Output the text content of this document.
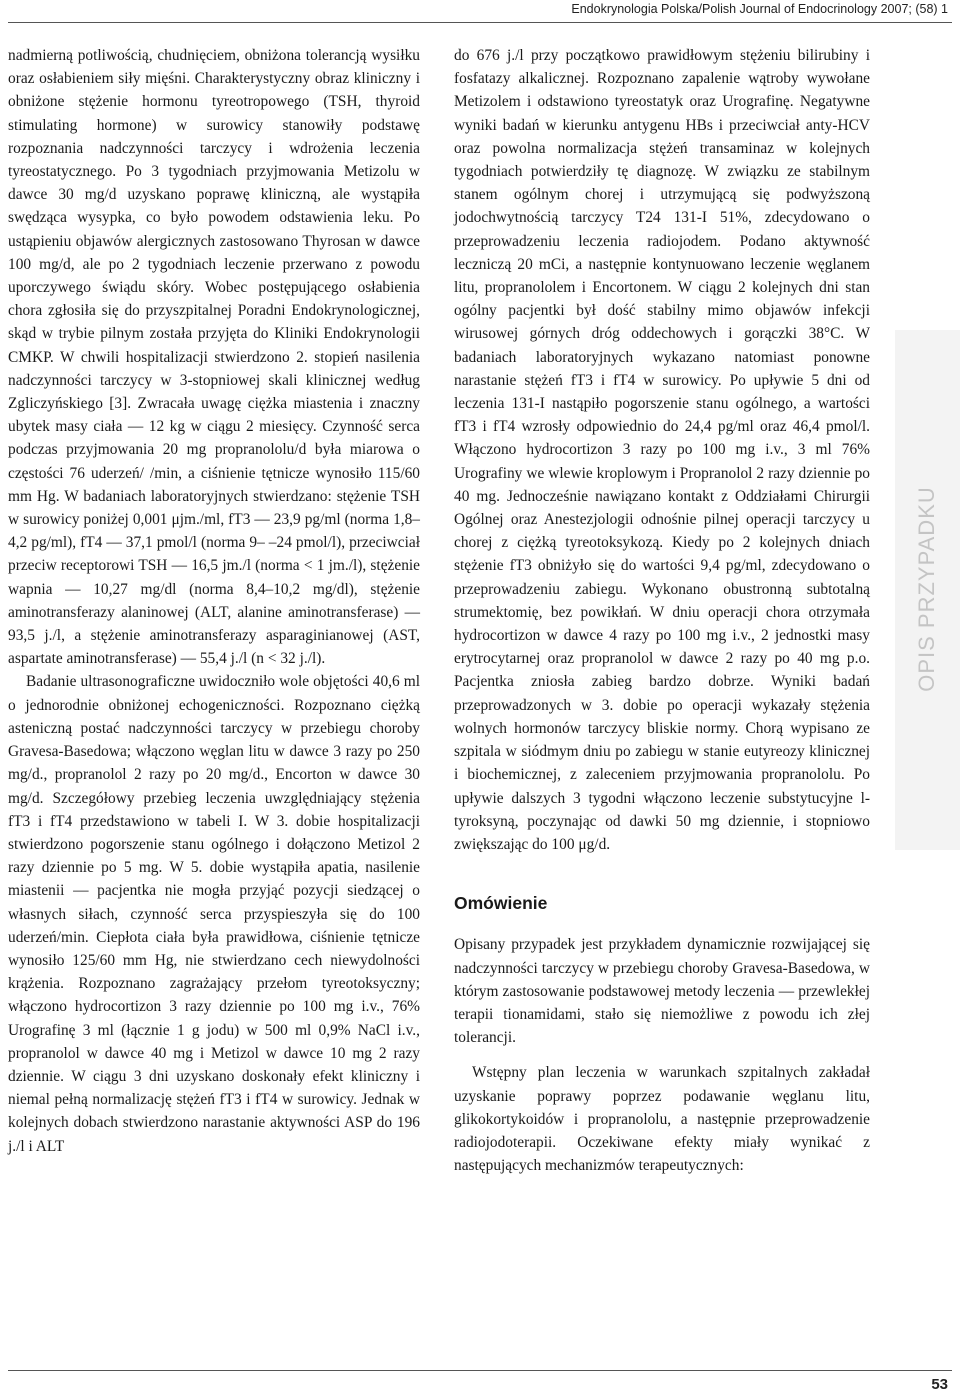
Endokrynologia Polska/Polish Journal of Endocrinology 2007; (58) 1

nadmierną potliwością, chudnięciem, obniżona tolerancją wysiłku oraz osłabieniem siły mięśni. Charakterystyczny obraz kliniczny i obniżone stężenie hormonu tyreotropowego (TSH, thyroid stimulating hormone) w surowicy stanowiły podstawę rozpoznania nadczynności tarczycy i wdrożenia leczenia tyreostatycznego. Po 3 tygodniach przyjmowania Metizolu w dawce 30 mg/d uzyskano poprawę kliniczną, ale wystąpiła swędząca wysypka, co było powodem odstawienia leku. Po ustąpieniu objawów alergicznych zastosowano Thyrosan w dawce 100 mg/d, ale po 2 tygodniach leczenie przerwano z powodu uporczywego świądu skóry. Wobec postępującego osłabienia chora zgłosiła się do przyszpitalnej Poradni Endokrynologicznej, skąd w trybie pilnym została przyjęta do Kliniki Endokrynologii CMKP. W chwili hospitalizacji stwierdzono 2. stopień nasilenia nadczynności tarczycy w 3-stopniowej skali klinicznej według Zgliczyńskiego [3]. Zwracała uwagę ciężka miastenia i znaczny ubytek masy ciała — 12 kg w ciągu 2 miesięcy. Czynność serca podczas przyjmowania 20 mg propranololu/d była miarowa o częstości 76 uderzeń/ /min, a ciśnienie tętnicze wynosiło 115/60 mm Hg. W badaniach laboratoryjnych stwierdzano: stężenie TSH w surowicy poniżej 0,001 μjm./ml, fT3 — 23,9 pg/ml (norma 1,8–4,2 pg/ml), fT4 — 37,1 pmol/l (norma 9– –24 pmol/l), przeciwciał przeciw receptorowi TSH — 16,5 jm./l (norma < 1 jm./l), stężenie wapnia — 10,27 mg/dl (norma 8,4–10,2 mg/dl), stężenie aminotransferazy alaninowej (ALT, alanine aminotransferase) — 93,5 j./l, a stężenie aminotransferazy asparaginianowej (AST, aspartate aminotransferase) — 55,4 j./l (n < 32 j./l).

Badanie ultrasonograficzne uwidoczniło wole objętości 40,6 ml o jednorodnie obniżonej echogeniczności. Rozpoznano ciężką asteniczną postać nadczynności tarczycy w przebiegu choroby Gravesa-Basedowa; włączono węglan litu w dawce 3 razy po 250 mg/d., propranolol 2 razy po 20 mg/d., Encorton w dawce 30 mg/d. Szczegółowy przebieg leczenia uwzględniający stężenia fT3 i fT4 przedstawiono w tabeli I. W 3. dobie hospitalizacji stwierdzono pogorszenie stanu ogólnego i dołączono Metizol 2 razy dziennie po 5 mg. W 5. dobie wystąpiła apatia, nasilenie miastenii — pacjentka nie mogła przyjąć pozycji siedzącej o własnych siłach, czynność serca przyspieszyła się do 100 uderzeń/min. Ciepłota ciała była prawidłowa, ciśnienie tętnicze wynosiło 125/60 mm Hg, nie stwierdzano cech niewydolności krążenia. Rozpoznano zagrażający przełom tyreotoksyczny; włączono hydrocortizon 3 razy dziennie po 100 mg i.v., 76% Urografinę 3 ml (łącznie 1 g jodu) w 500 ml 0,9% NaCl i.v., propranolol w dawce 40 mg i Metizol w dawce 10 mg 2 razy dziennie. W ciągu 3 dni uzyskano doskonały efekt kliniczny i niemal pełną normalizację stężeń fT3 i fT4 w surowicy. Jednak w kolejnych dobach stwierdzono narastanie aktywności ASP do 196 j./l i ALT

do 676 j./l przy początkowo prawidłowym stężeniu bilirubiny i fosfatazy alkalicznej. Rozpoznano zapalenie wątroby wywołane Metizolem i odstawiono tyreostatyk oraz Urografinę. Negatywne wyniki badań w kierunku antygenu HBs i przeciwciał anty-HCV oraz powolna normalizacja stężeń transaminaz w kolejnych tygodniach potwierdziły tę diagnozę. W związku ze stabilnym stanem ogólnym chorej i utrzymującą się podwyższoną jodochwytnością tarczycy T24 131-I 51%, zdecydowano o przeprowadzeniu leczenia radiojodem. Podano aktywność leczniczą 20 mCi, a następnie kontynuowano leczenie węglanem litu, propranololem i Encortonem. W ciągu 2 kolejnych dni stan ogólny pacjentki był dość stabilny mimo objawów infekcji wirusowej górnych dróg oddechowych i gorączki 38°C. W badaniach laboratoryjnych wykazano natomiast ponowne narastanie stężeń fT3 i fT4 w surowicy. Po upływie 5 dni od leczenia 131-I nastąpiło pogorszenie stanu ogólnego, a wartości fT3 i fT4 wzrosły odpowiednio do 24,4 pg/ml oraz 46,4 pmol/l. Włączono hydrocortizon 3 razy po 100 mg i.v., 3 ml 76% Urografiny we wlewie kroplowym i Propranolol 2 razy dziennie po 40 mg. Jednocześnie nawiązano kontakt z Oddziałami Chirurgii Ogólnej oraz Anestezjologii odnośnie pilnej operacji tarczycy u chorej z ciężką tyreotoksykozą. Kiedy po 2 kolejnych dniach stężenie fT3 obniżyło się do wartości 9,4 pg/ml, zdecydowano o przeprowadzeniu zabiegu. Wykonano obustronną subtotalną strumektomię, bez powikłań. W dniu operacji chora otrzymała hydrocortizon w dawce 4 razy po 100 mg i.v., 2 jednostki masy erytrocytarnej oraz propranolol w dawce 2 razy po 40 mg p.o. Pacjentka zniosła zabieg bardzo dobrze. Wyniki badań przeprowadzonych w 3. dobie po operacji wykazały stężenia wolnych hormonów tarczycy bliskie normy. Chorą wypisano ze szpitala w siódmym dniu po zabiegu w stanie eutyreozy klinicznej i biochemicznej, z zaleceniem przyjmowania propranololu. Po upływie dalszych 3 tygodni włączono leczenie substytucyjne l-tyroksyną, poczynając od dawki 50 mg dziennie, i stopniowo zwiększając do 100 μg/d.

Omówienie

Opisany przypadek jest przykładem dynamicznie rozwijającej się nadczynności tarczycy w przebiegu choroby Gravesa-Basedowa, w którym zastosowanie podstawowej metody leczenia — przewlekłej terapii tionamidami, stało się niemożliwe z powodu ich złej tolerancji.

Wstępny plan leczenia w warunkach szpitalnych zakładał uzyskanie poprawy poprzez podawanie węglanu litu, glikokortykoidów i propranololu, a następnie przeprowadzenie radiojodoterapii. Oczekiwane efekty miały wynikać z następujących mechanizmów terapeutycznych:

OPIS PRZYPADKU
53
